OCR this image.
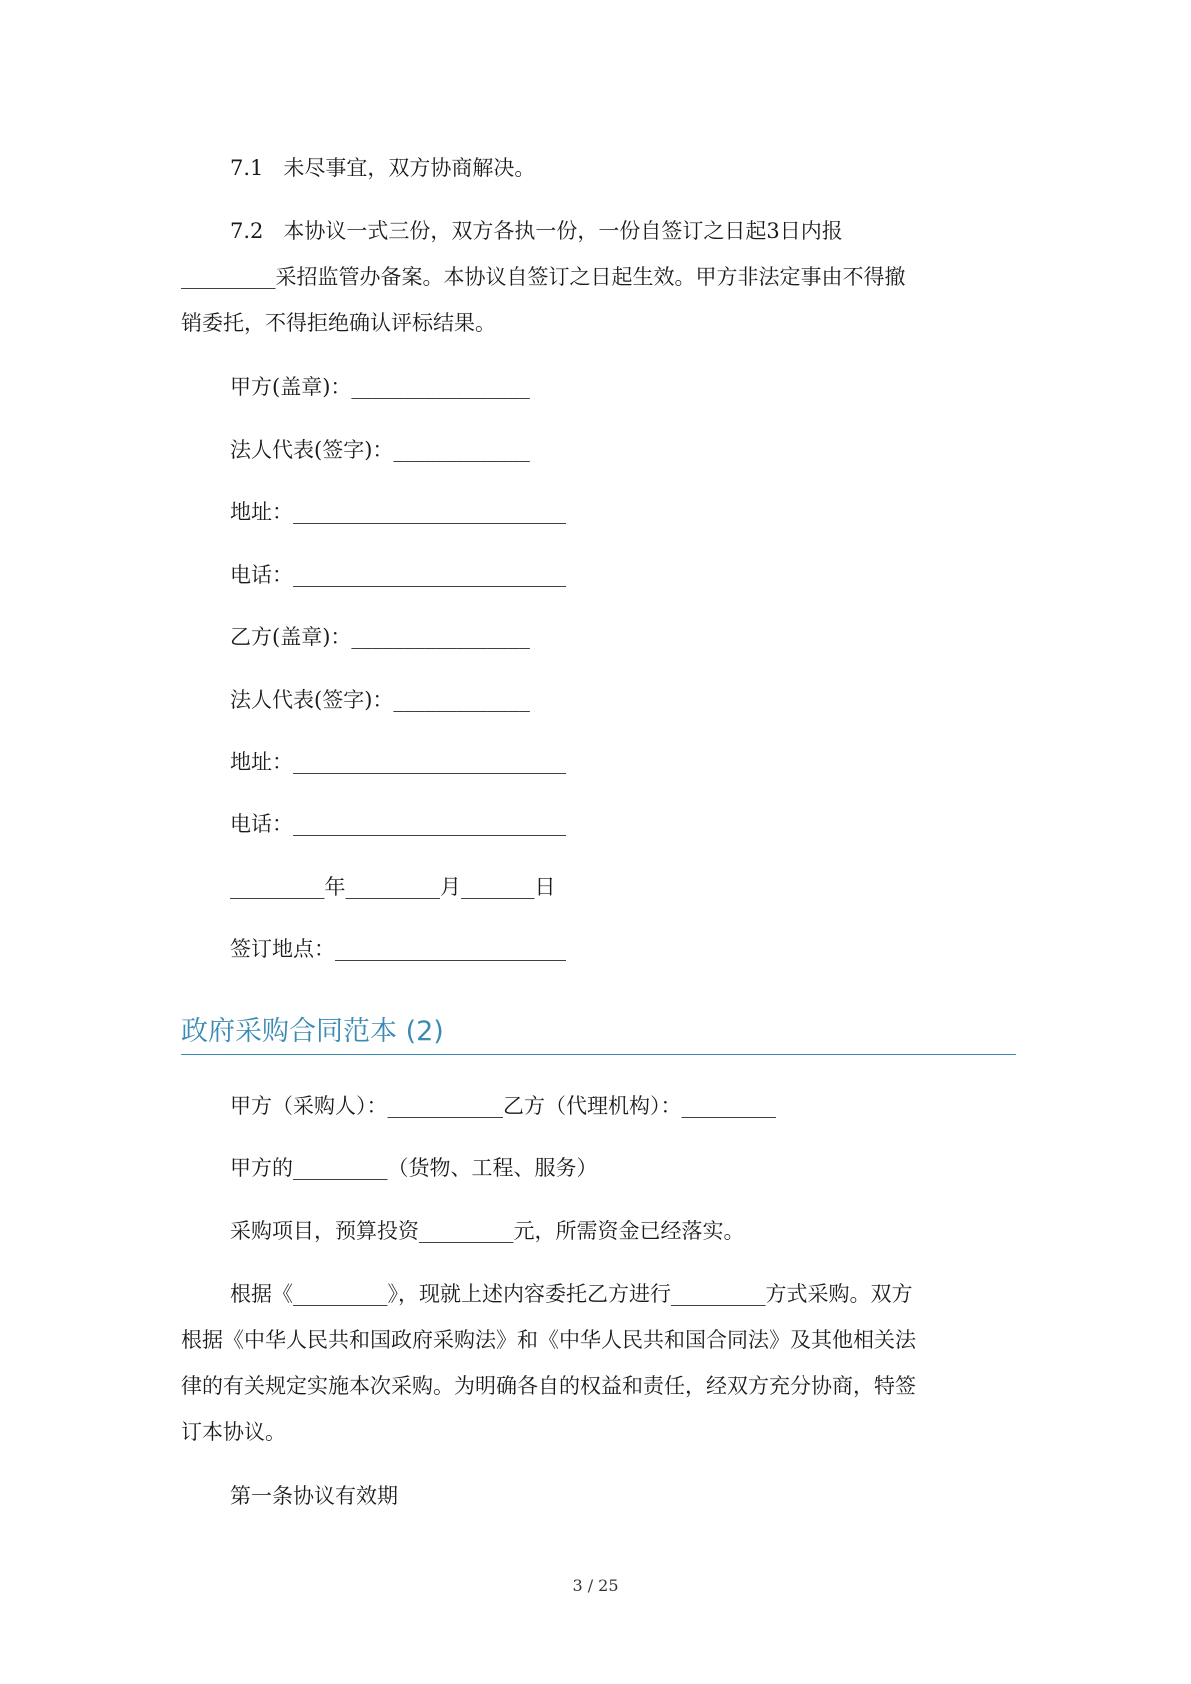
7.1   未尽事宜，双方协商解决。
7.2   本协议一式三份，双方各执一份，一份自签订之日起3日内报
_________采招监管办备案。本协议自签订之日起生效。甲方非法定事由不得撤
销委托，不得拒绝确认评标结果。
甲方(盖章)：_________________
法人代表(签字)：_____________
地址：__________________________
电话：__________________________
乙方(盖章)：_________________
法人代表(签字)：_____________
地址：__________________________
电话：__________________________
_________年_________月_______日
签订地点：______________________
政府采购合同范本 (2)
甲方（采购人）：___________乙方（代理机构）：_________
甲方的_________（货物、工程、服务）
采购项目，预算投资_________元，所需资金已经落实。
根据《_________》，现就上述内容委托乙方进行_________方式采购。双方
根据《中华人民共和国政府采购法》和《中华人民共和国合同法》及其他相关法
律的有关规定实施本次采购。为明确各自的权益和责任，经双方充分协商，特签
订本协议。
第一条协议有效期
3 / 25
